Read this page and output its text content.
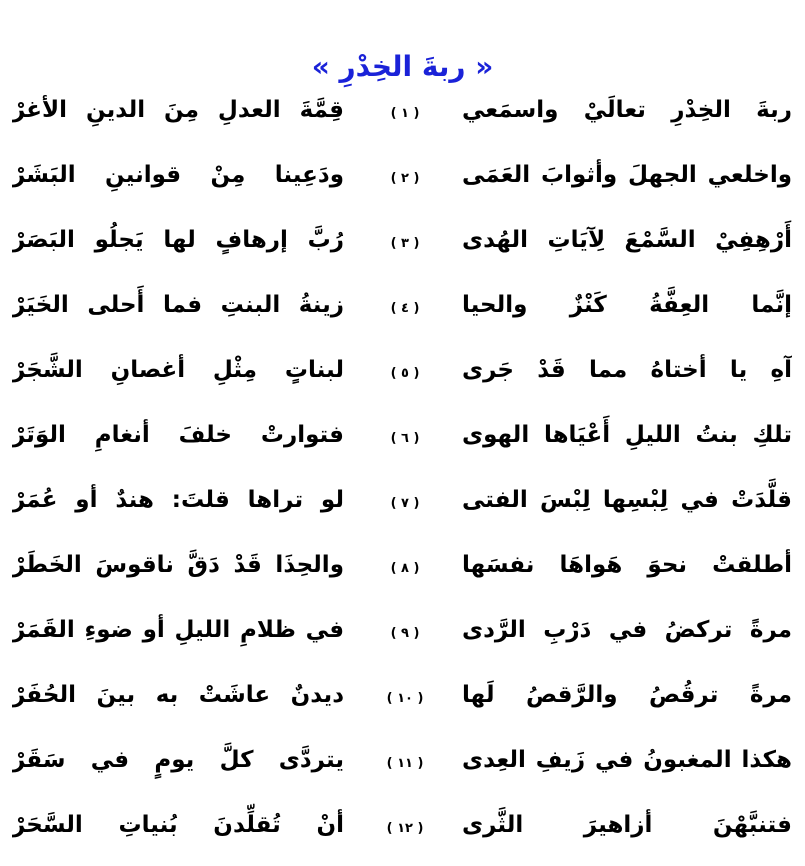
« ربةَ الخِدْرِ »
ربةَ الخِدْرِ تعالَيْ واسمَعي
( ١ )
قِمَّةَ العدلِ مِنَ الدينِ الأغرْ
واخلعي الجهلَ وأثوابَ العَمَى
( ٢ )
ودَعِينا مِنْ قوانينِ البَشَرْ
أَرْهِفِيْ السَّمْعَ لِآيَاتِ الهُدى
( ٣ )
رُبَّ إرهافٍ لها يَجلُو البَصَرْ
إنَّما العِفَّةُ كَنْزٌ والحيا
( ٤ )
زينةُ البنتِ فما أَحلى الخَيَرْ
آهِ يا أختاهُ مما قَدْ جَرى
( ٥ )
لبناتٍ مِثْلِ أغصانِ الشَّجَرْ
تلكِ بنتُ الليلِ أَعْيَاها الهوى
( ٦ )
فتوارتْ خلفَ أنغامِ الوَتَرْ
قلَّدَتْ في لِبْسِها لِبْسَ الفتى
( ٧ )
لو تراها قلتَ: هندٌ أو عُمَرْ
أطلقتْ نحوَ هَواهَا نفسَها
( ٨ )
والحِذَا قَدْ دَقَّ ناقوسَ الخَطَرْ
مرةً تركضُ في دَرْبِ الرَّدى
( ٩ )
في ظلامِ الليلِ أو ضوءِ القَمَرْ
مرةً ترقُصُ والرَّقصُ لَها
( ١٠ )
ديدنٌ عاشَتْ به بينَ الحُفَرْ
هكذا المغبونُ في زَيفِ العِدى
( ١١ )
يتردَّى كلَّ يومٍ في سَقَرْ
فتنبَّهْنَ أزاهيرَ الثَّرى
( ١٢ )
أنْ تُقلِّدنَ بُنياتِ السَّحَرْ
